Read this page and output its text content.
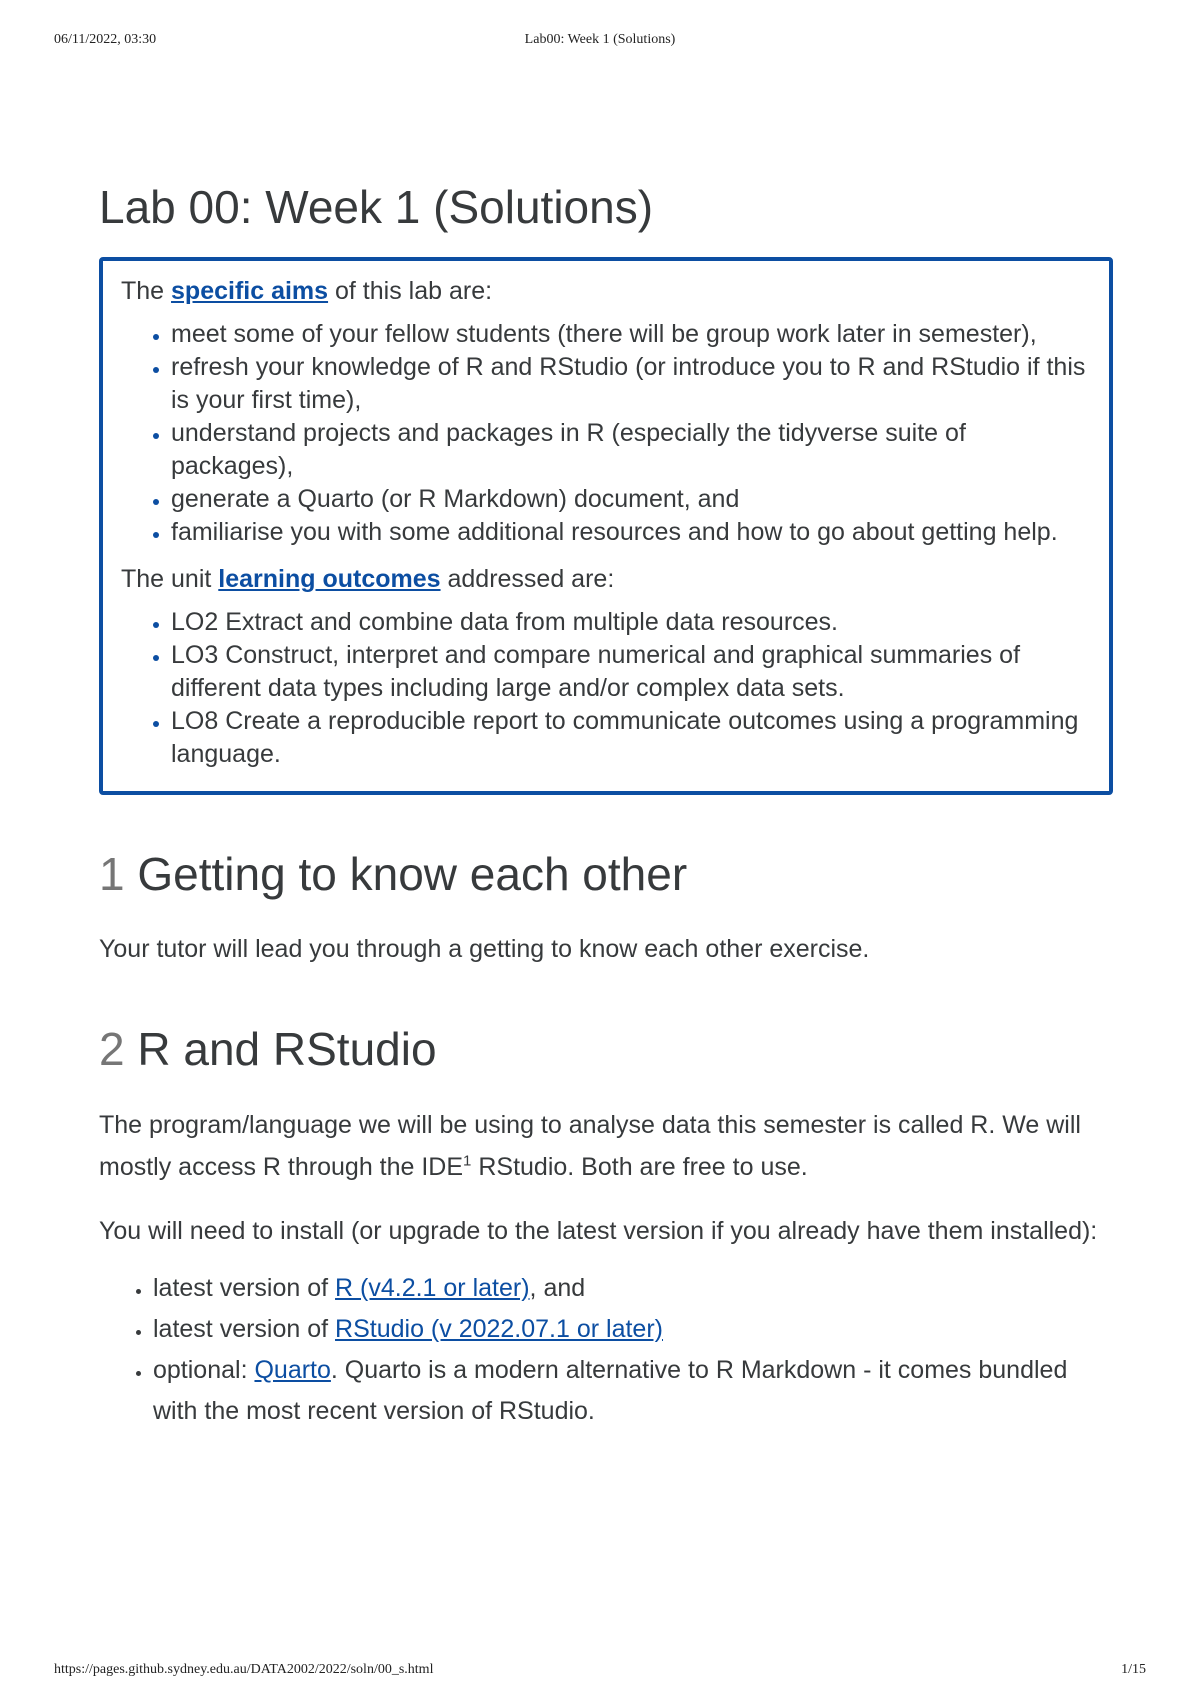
06/11/2022, 03:30	Lab00: Week 1 (Solutions)
Lab 00: Week 1 (Solutions)

The specific aims of this lab are:

• meet some of your fellow students (there will be group work later in semester),
• refresh your knowledge of R and RStudio (or introduce you to R and RStudio if this is your first time),
• understand projects and packages in R (especially the tidyverse suite of packages),
• generate a Quarto (or R Markdown) document, and
• familiarise you with some additional resources and how to go about getting help.

The unit learning outcomes addressed are:

• LO2 Extract and combine data from multiple data resources.
• LO3 Construct, interpret and compare numerical and graphical summaries of different data types including large and/or complex data sets.
• LO8 Create a reproducible report to communicate outcomes using a programming language.
1 Getting to know each other

Your tutor will lead you through a getting to know each other exercise.

2 R and RStudio

The program/language we will be using to analyse data this semester is called R. We will mostly access R through the IDE$^1$ RStudio. Both are free to use.

You will need to install (or upgrade to the latest version if you already have them installed):

• latest version of R (v4.2.1 or later), and
• latest version of RStudio (v 2022.07.1 or later)
• optional: Quarto. Quarto is a modern alternative to R Markdown - it comes bundled with the most recent version of RStudio.
https://pages.github.sydney.edu.au/DATA2002/2022/soln/00_s.html	1/15
